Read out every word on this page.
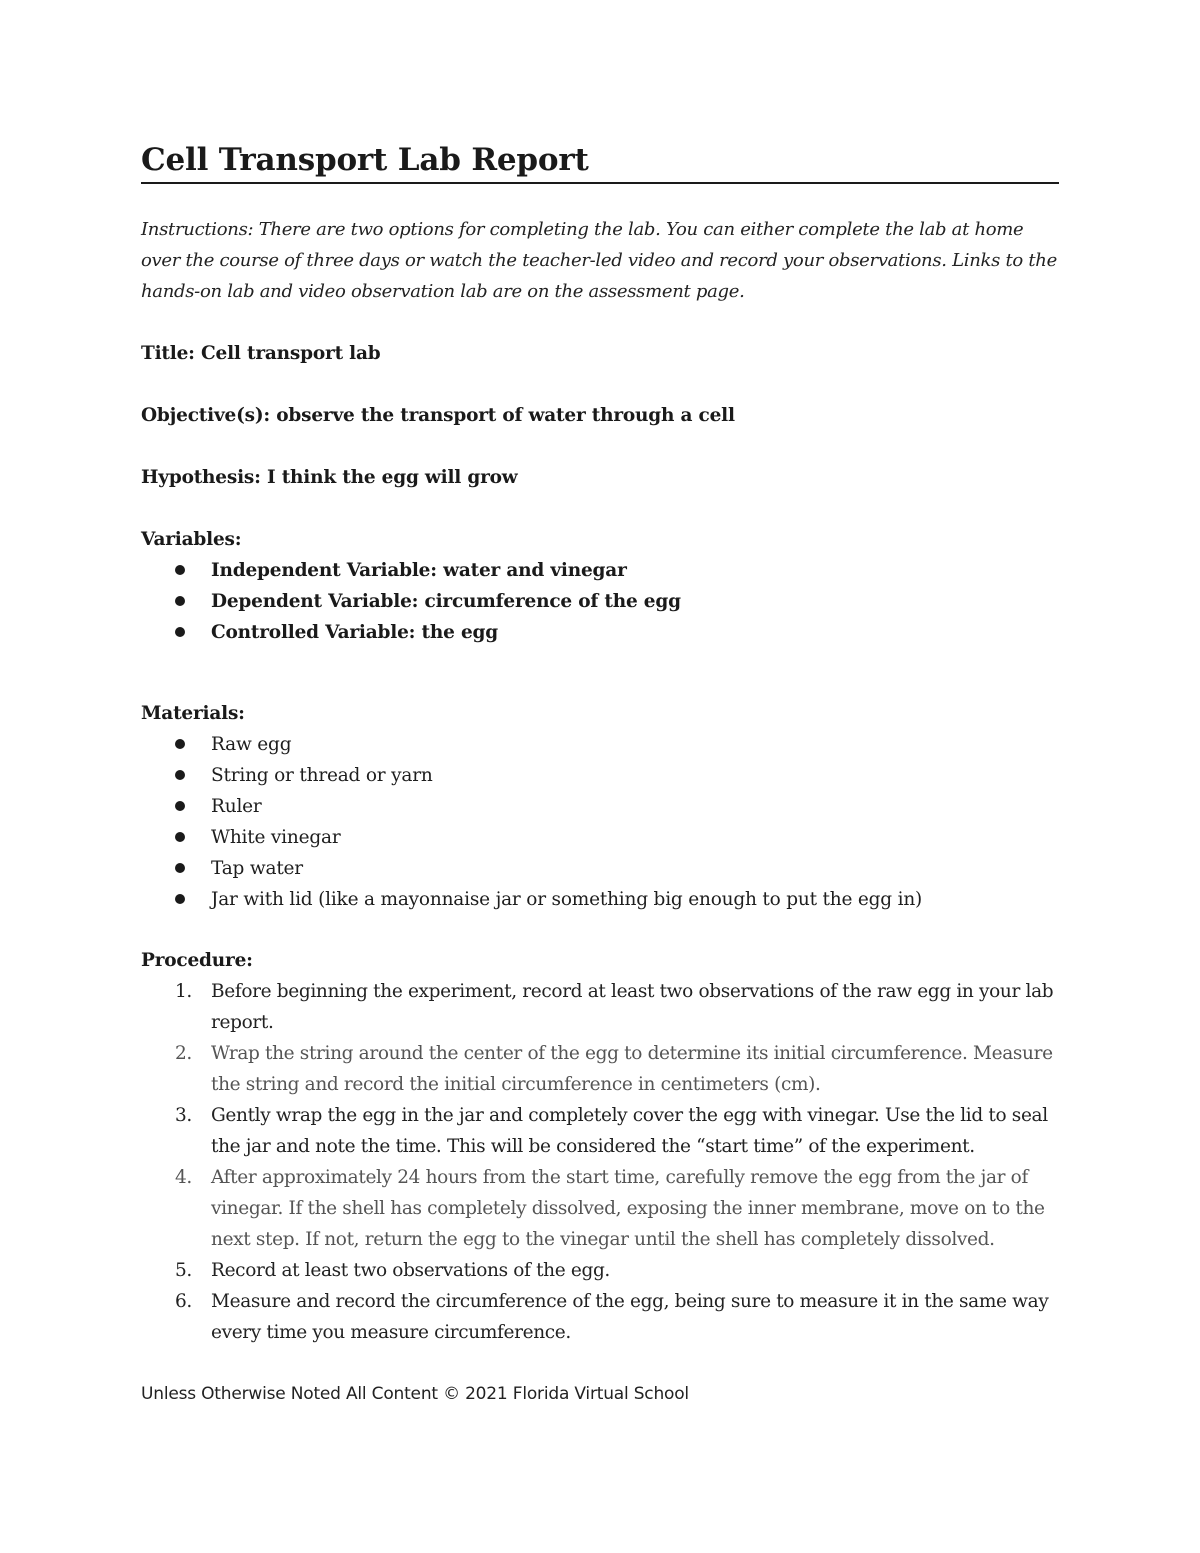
Cell Transport Lab Report
Instructions: There are two options for completing the lab. You can either complete the lab at home over the course of three days or watch the teacher-led video and record your observations. Links to the hands-on lab and video observation lab are on the assessment page.
Title: Cell transport lab
Objective(s): observe the transport of water through a cell
Hypothesis: I think the egg will grow
Variables:
Independent Variable: water and vinegar
Dependent Variable: circumference of the egg
Controlled Variable: the egg
Materials:
Raw egg
String or thread or yarn
Ruler
White vinegar
Tap water
Jar with lid (like a mayonnaise jar or something big enough to put the egg in)
Procedure:
1. Before beginning the experiment, record at least two observations of the raw egg in your lab report.
2. Wrap the string around the center of the egg to determine its initial circumference. Measure the string and record the initial circumference in centimeters (cm).
3. Gently wrap the egg in the jar and completely cover the egg with vinegar. Use the lid to seal the jar and note the time. This will be considered the “start time” of the experiment.
4. After approximately 24 hours from the start time, carefully remove the egg from the jar of vinegar. If the shell has completely dissolved, exposing the inner membrane, move on to the next step. If not, return the egg to the vinegar until the shell has completely dissolved.
5. Record at least two observations of the egg.
6. Measure and record the circumference of the egg, being sure to measure it in the same way every time you measure circumference.
Unless Otherwise Noted All Content © 2021 Florida Virtual School
